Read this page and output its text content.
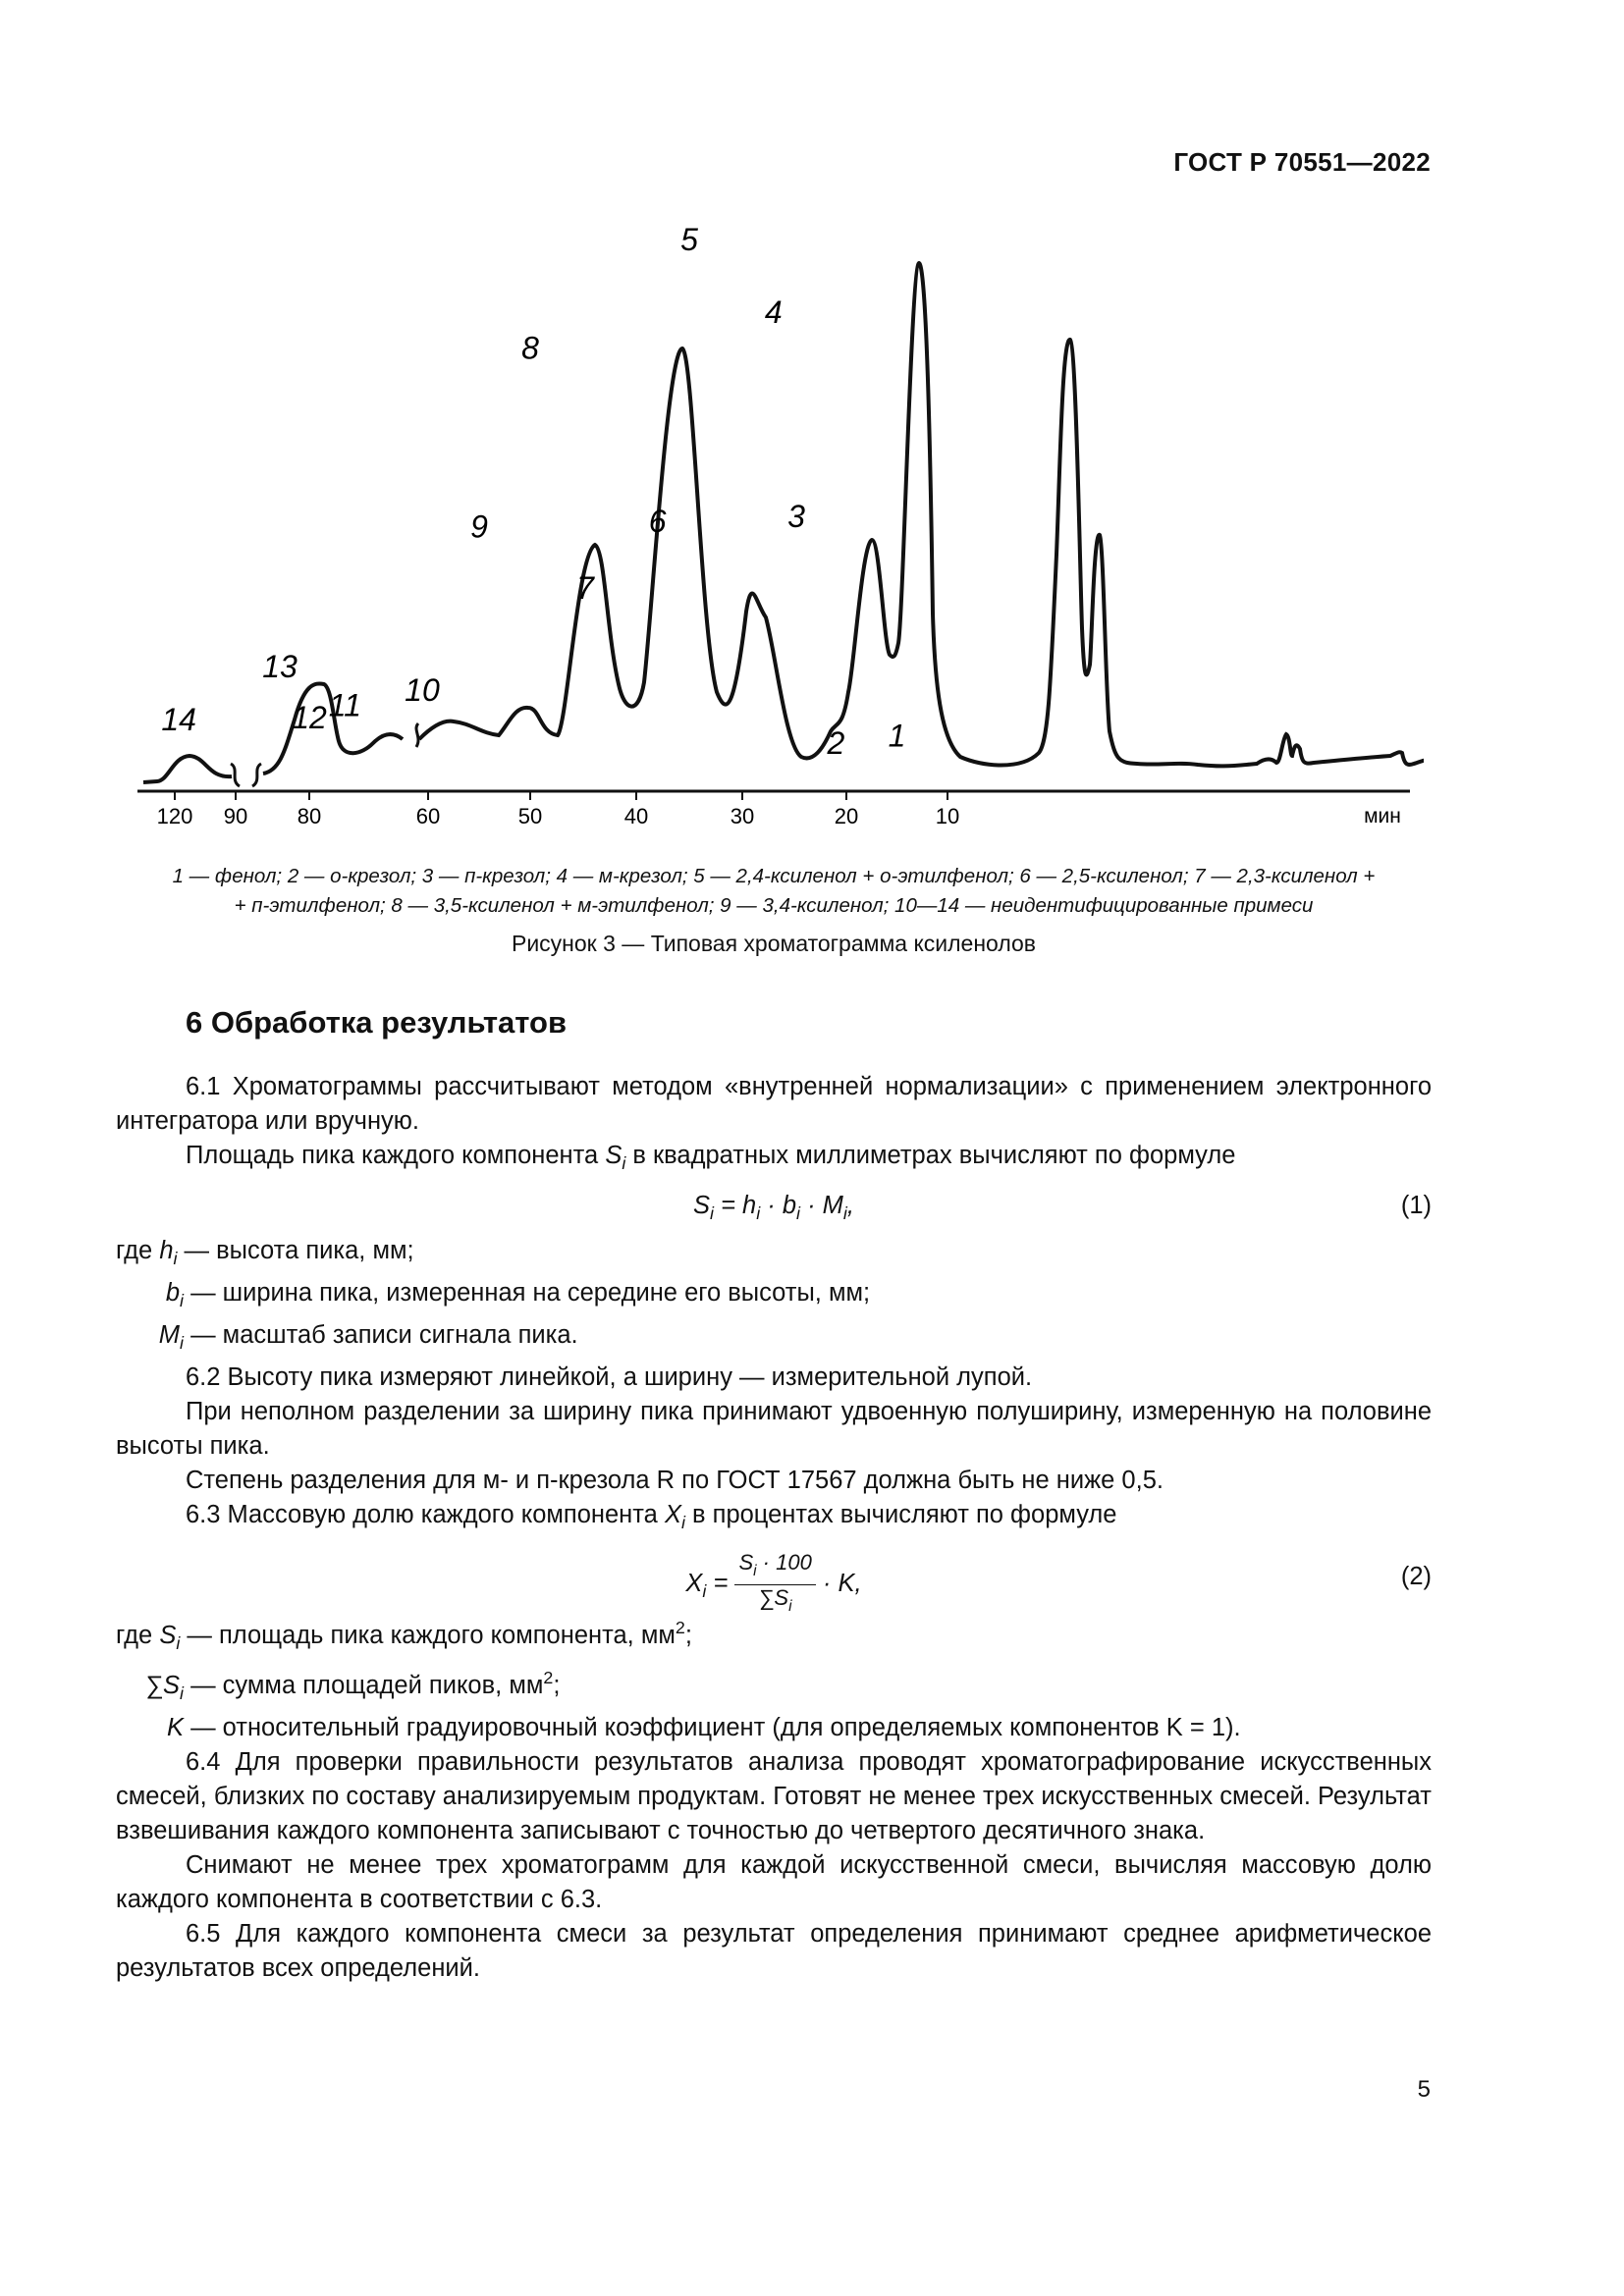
ГОСТ Р 70551—2022
120 90 80	60	50	40	30	20	10
14
13
12 11 10
9
8
7
6
5
4
3
2 1
мин
1 — фенол; 2 — о-крезол; 3 — п-крезол; 4 — м-крезол; 5 — 2,4-ксиленол + о-этилфенол; 6 — 2,5-ксиленол; 7 — 2,3-ксиленол +
+ п-этилфенол; 8 — 3,5-ксиленол + м-этилфенол; 9 — 3,4-ксиленол; 10—14 — неидентифицированные примеси
Рисунок 3 — Типовая хроматограмма ксиленолов
6 Обработка результатов

6.1 Хроматограммы рассчитывают методом «внутренней нормализации» с применением электронного интегратора или вручную.

Площадь пика каждого компонента $S_i$ в квадратных миллиметрах вычисляют по формуле

$S_i = h_i \cdot b_i \cdot M_i$,	(1)

где $h_i$ — высота пика, мм;

$b_i$ — ширина пика, измеренная на середине его высоты, мм;

$M_i$ — масштаб записи сигнала пика.

6.2 Высоту пика измеряют линейкой, а ширину — измерительной лупой.

При неполном разделении за ширину пика принимают удвоенную полуширину, измеренную на половине высоты пика.

Степень разделения для м- и п-крезола R по ГОСТ 17567 должна быть не ниже 0,5.

6.3 Массовую долю каждого компонента $X_i$ в процентах вычисляют по формуле

$X_i = \frac{S_i \cdot 100}{\sum S_i} \cdot K$,	(2)

где $S_i$ — площадь пика каждого компонента, $мм^2$;

$\sum S_i$ — сумма площадей пиков, $мм^2$;

K — относительный градуировочный коэффициент (для определяемых компонентов K = 1).

6.4 Для проверки правильности результатов анализа проводят хроматографирование искусственных смесей, близких по составу анализируемым продуктам. Готовят не менее трех искусственных смесей. Результат взвешивания каждого компонента записывают с точностью до четвертого десятичного знака.

Снимают не менее трех хроматограмм для каждой искусственной смеси, вычисляя массовую долю каждого компонента в соответствии с 6.3.

6.5 Для каждого компонента смеси за результат определения принимают среднее арифметическое результатов всех определений.

5
